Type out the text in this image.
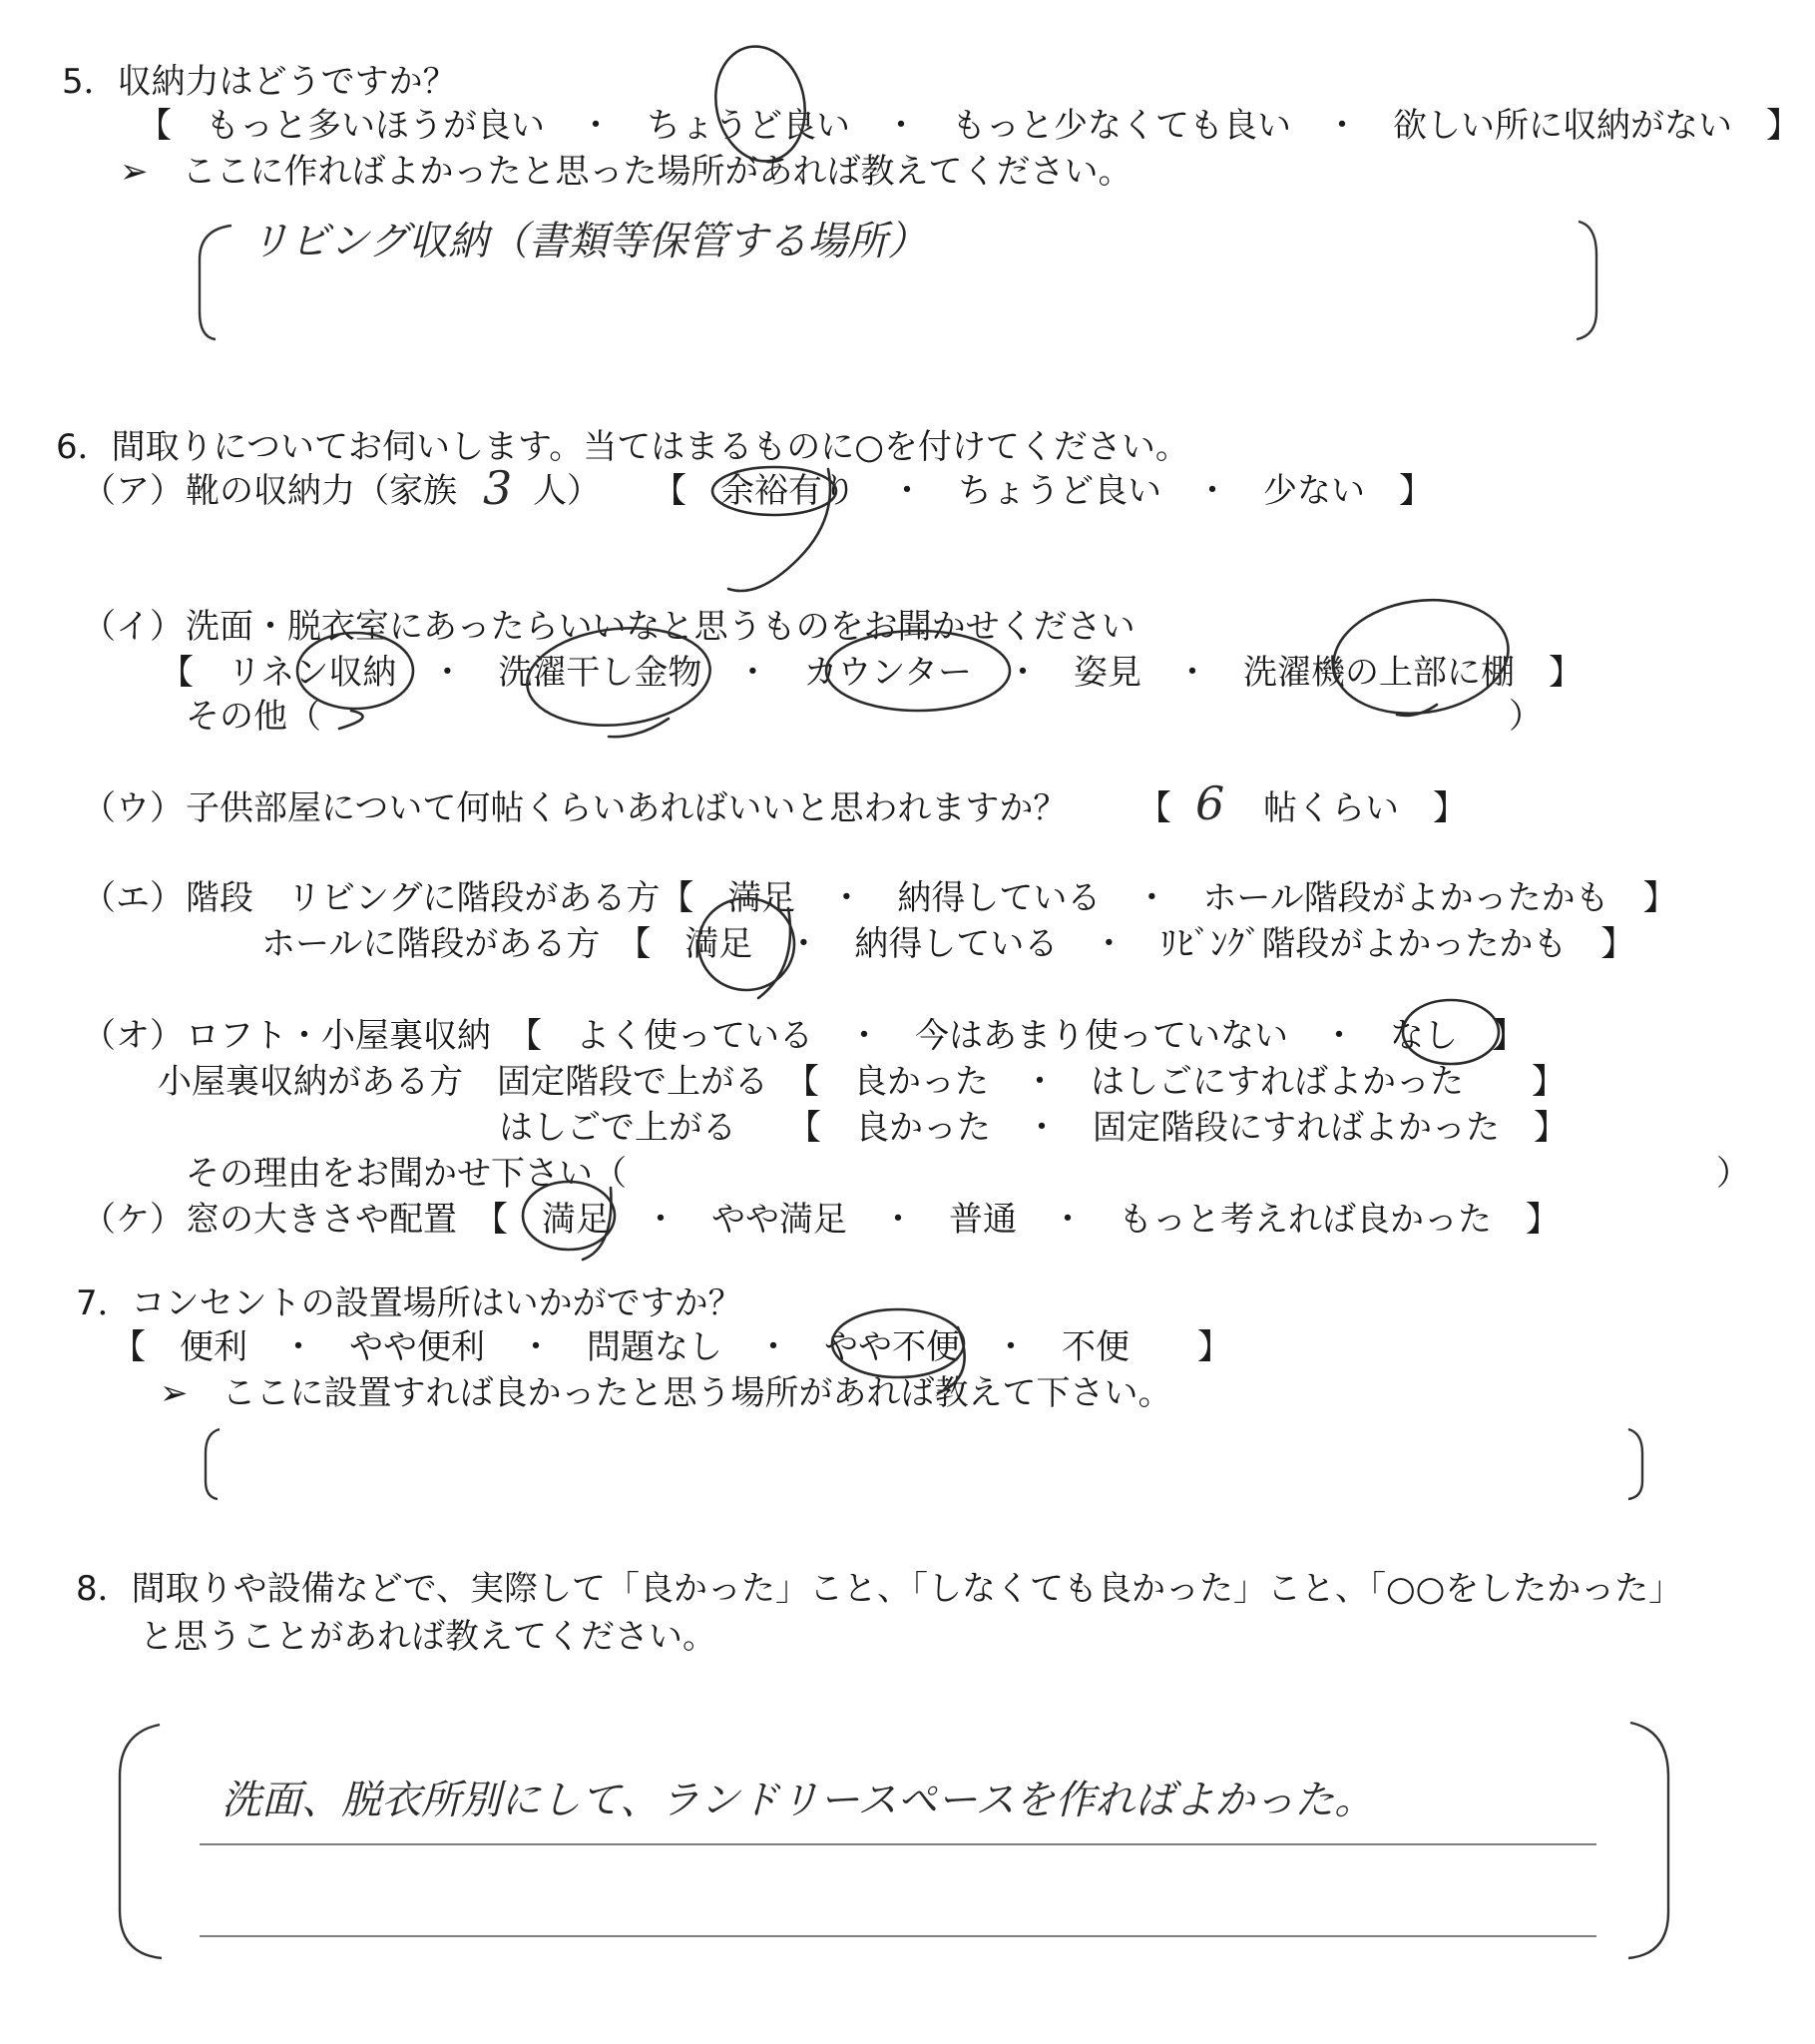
5．収納力はどうですか？
【　もっと多いほうが良い　・　ちょうど良い　・　もっと少なくても良い　・　欲しい所に収納がない　】
➢　ここに作ればよかったと思った場所があれば教えてください。
リビング収納（書類等保管する場所）
6．間取りについてお伺いします。当てはまるものに○を付けてください。
（ア） 靴の収納力（家族 3 人） 【　余裕有り　・　ちょうど良い　・　少ない　】
（イ） 洗面・脱衣室にあったらいいなと思うものをお聞かせください
【　リネン収納　・　洗濯干し金物　・　カウンター　・　姿見　・　洗濯機の上部に棚　】
その他（	）
（ウ） 子供部屋について何帖くらいあればいいと思われますか？ 【 6 帖くらい　】
（エ） 階段　リビングに階段がある方【　満足　・　納得している　・　ホール階段がよかったかも　】
ホールに階段がある方　【　満足　・　納得している　・　ﾘﾋﾞﾝｸﾞ階段がよかったかも　】
（オ） ロフト・小屋裏収納　【　よく使っている　・　今はあまり使っていない　・　なし　】
小屋裏収納がある方　固定階段で上がる　【　良かった　・　はしごにすればよかった　　】
はしごで上がる　　【　良かった　・　固定階段にすればよかった　】
その理由をお聞かせ下さい（	）
（ケ） 窓の大きさや配置　【　満足　・　やや満足　・　普通　・　もっと考えれば良かった　】
7．コンセントの設置場所はいかがですか？
【　便利　・　やや便利　・　問題なし　・　やや不便　・　不便　　】
➢　ここに設置すれば良かったと思う場所があれば教えて下さい。
8．間取りや設備などで、実際して「良かった」こと、「しなくても良かった」こと、「○○をしたかった」
と思うことがあれば教えてください。
洗面、脱衣所別にして、ランドリースペースを作ればよかった。
